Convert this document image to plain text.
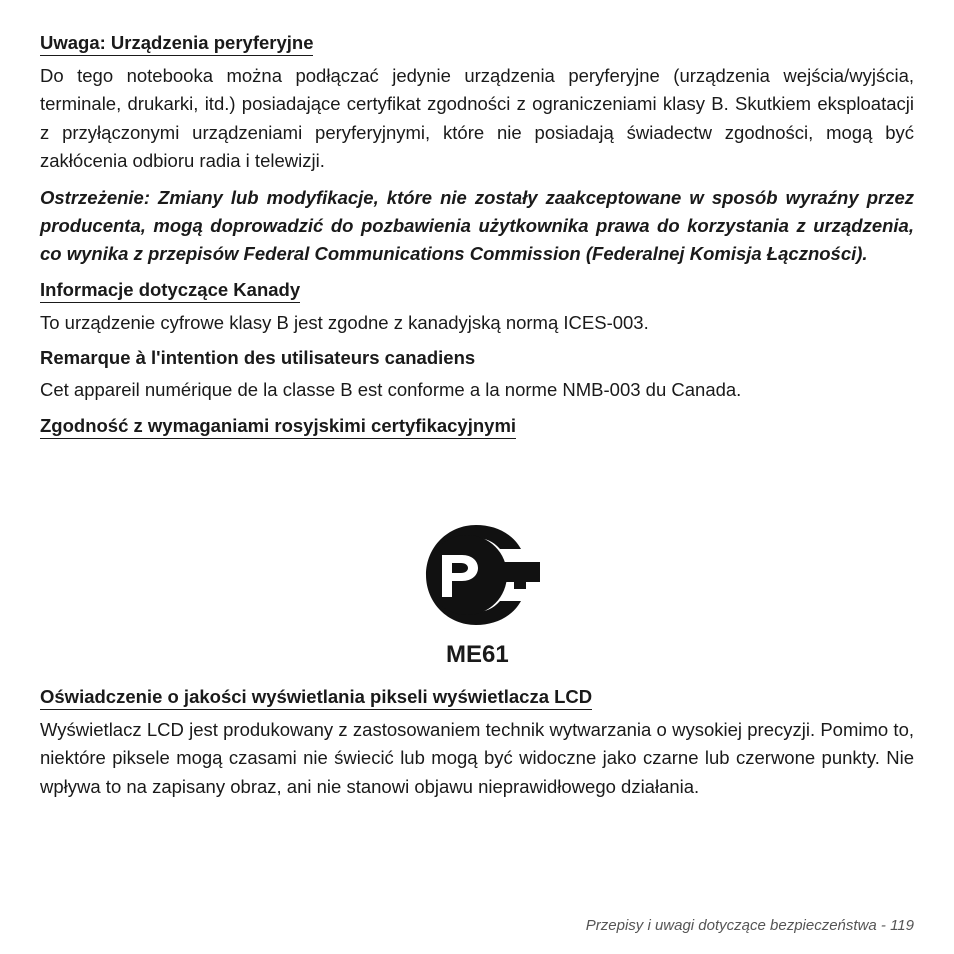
Uwaga: Urządzenia peryferyjne

Do tego notebooka można podłączać jedynie urządzenia peryferyjne (urządzenia wejścia/wyjścia, terminale, drukarki, itd.) posiadające certyfikat zgodności z ograniczeniami klasy B. Skutkiem eksploatacji z przyłączonymi urządzeniami peryferyjnymi, które nie posiadają świadectw zgodności, mogą być zakłócenia odbioru radia i telewizji.

Ostrzeżenie: Zmiany lub modyfikacje, które nie zostały zaakceptowane w sposób wyraźny przez producenta, mogą doprowadzić do pozbawienia użytkownika prawa do korzystania z urządzenia, co wynika z przepisów Federal Communications Commission (Federalnej Komisja Łączności).

Informacje dotyczące Kanady

To urządzenie cyfrowe klasy B jest zgodne z kanadyjską normą ICES-003.

Remarque à l'intention des utilisateurs canadiens

Cet appareil numérique de la classe B est conforme a la norme NMB-003 du Canada.

Zgodność z wymaganiami rosyjskimi certyfikacyjnymi
ME61
Oświadczenie o jakości wyświetlania pikseli wyświetlacza LCD

Wyświetlacz LCD jest produkowany z zastosowaniem technik wytwarzania o wysokiej precyzji. Pomimo to, niektóre piksele mogą czasami nie świecić lub mogą być widoczne jako czarne lub czerwone punkty. Nie wpływa to na zapisany obraz, ani nie stanowi objawu nieprawidłowego działania.

Przepisy i uwagi dotyczące bezpieczeństwa - 119
